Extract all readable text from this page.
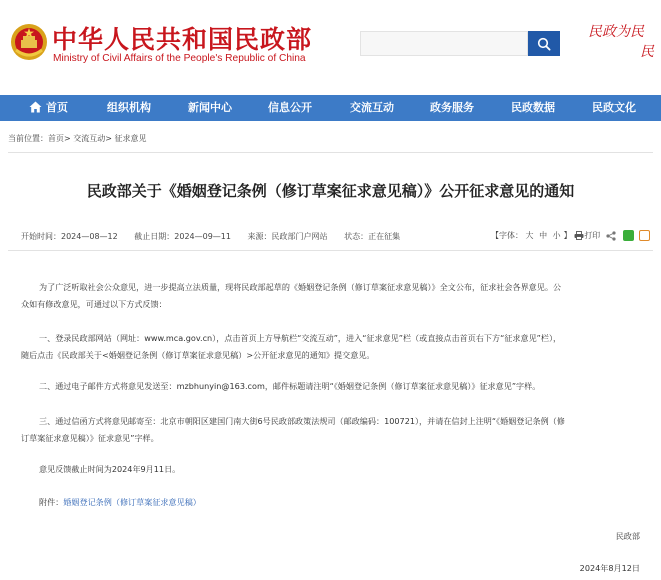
中华人民共和国民政部
Ministry of Civil Affairs of the People's Republic of China
民政为民
民
首页	组织机构	新闻中心	信息公开	交流互动	政务服务	民政数据	民政文化
当前位置：首页> 交流互动> 征求意见
民政部关于《婚姻登记条例（修订草案征求意见稿）》公开征求意见的通知
开始时间：2024—08—12 截止日期：2024—09—11 来源：民政部门户网站 状态：正在征集	【字体： 大 中 小 】 打印
为了广泛听取社会公众意见，进一步提高立法质量，现将民政部起草的《婚姻登记条例（修订草案征求意见稿）》全文公布，征求社会各界意见。公
众如有修改意见，可通过以下方式反馈：
一、登录民政部网站（网址：www.mca.gov.cn），点击首页上方导航栏“交流互动”，进入“征求意见”栏（或直接点击首页右下方“征求意见”栏），
随后点击《民政部关于<婚姻登记条例（修订草案征求意见稿）>公开征求意见的通知》提交意见。
二、通过电子邮件方式将意见发送至：mzbhunyin@163.com，邮件标题请注明“《婚姻登记条例（修订草案征求意见稿）》征求意见”字样。
三、通过信函方式将意见邮寄至：北京市朝阳区建国门南大街6号民政部政策法规司（邮政编码：100721），并请在信封上注明“《婚姻登记条例（修
订草案征求意见稿）》征求意见”字样。
意见反馈截止时间为2024年9月11日。
附件：婚姻登记条例（修订草案征求意见稿）
民政部
2024年8月12日
